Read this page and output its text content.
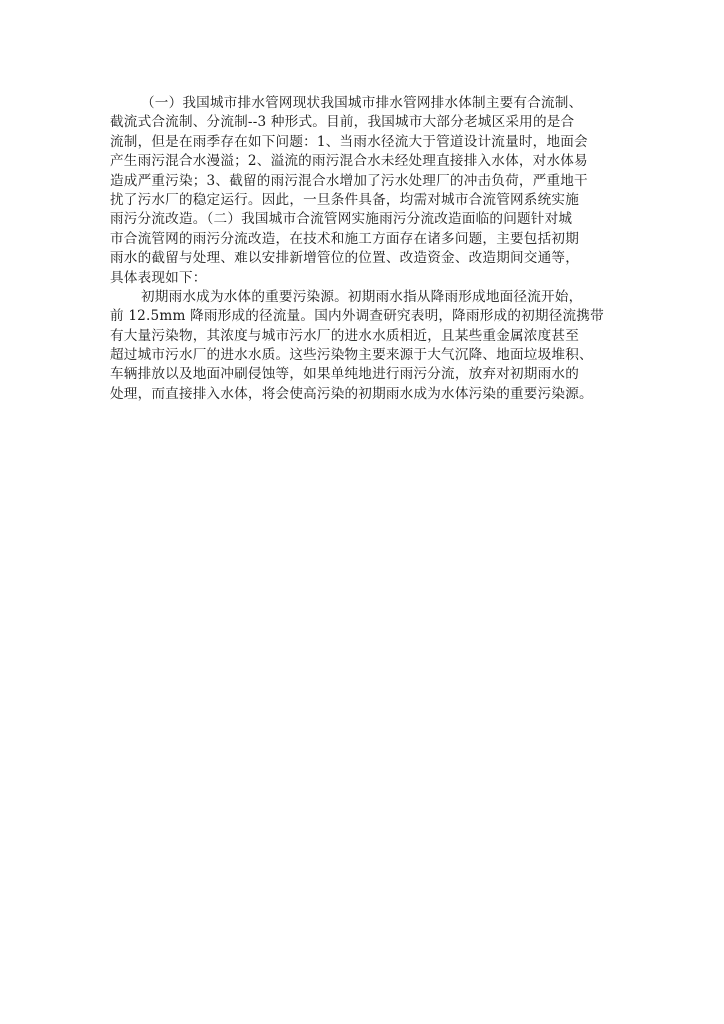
（一）我国城市排水管网现状我国城市排水管网排水体制主要有合流制、
截流式合流制、分流制--3 种形式。目前，我国城市大部分老城区采用的是合
流制，但是在雨季存在如下问题：1、当雨水径流大于管道设计流量时，地面会
产生雨污混合水漫溢；2、溢流的雨污混合水未经处理直接排入水体，对水体易
造成严重污染；3、截留的雨污混合水增加了污水处理厂的冲击负荷，严重地干
扰了污水厂的稳定运行。因此，一旦条件具备，均需对城市合流管网系统实施
雨污分流改造。（二）我国城市合流管网实施雨污分流改造面临的问题针对城
市合流管网的雨污分流改造，在技术和施工方面存在诸多问题，主要包括初期
雨水的截留与处理、难以安排新增管位的位置、改造资金、改造期间交通等，
具体表现如下：
初期雨水成为水体的重要污染源。初期雨水指从降雨形成地面径流开始，
前 12.5mm 降雨形成的径流量。国内外调查研究表明，降雨形成的初期径流携带
有大量污染物，其浓度与城市污水厂的进水水质相近，且某些重金属浓度甚至
超过城市污水厂的进水水质。这些污染物主要来源于大气沉降、地面垃圾堆积、
车辆排放以及地面冲刷侵蚀等，如果单纯地进行雨污分流，放弃对初期雨水的
处理，而直接排入水体，将会使高污染的初期雨水成为水体污染的重要污染源。
